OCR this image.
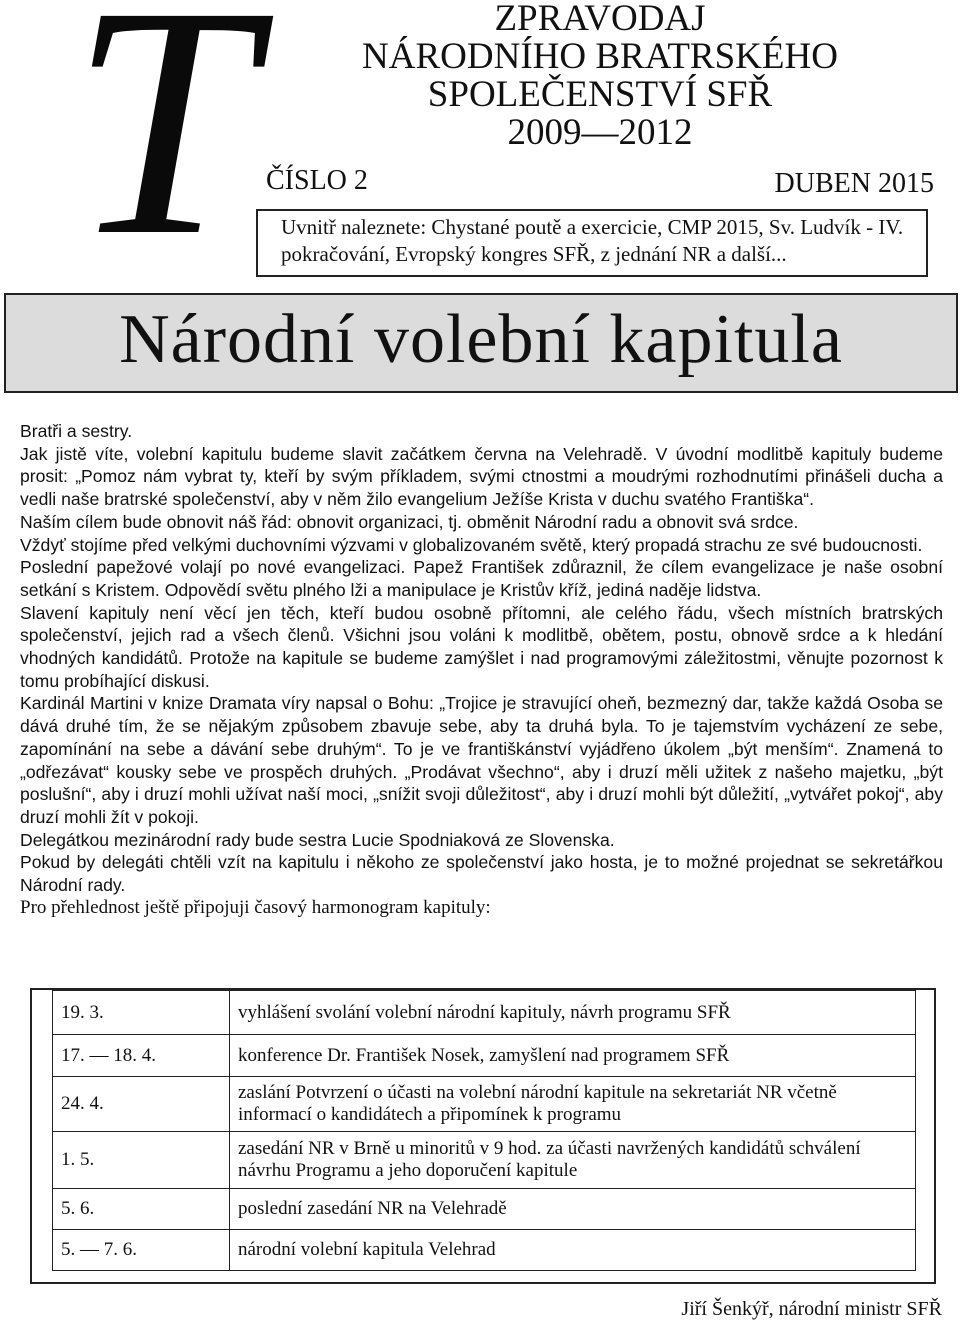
T	ZPRAVODAJ
NÁRODNÍHO BRATRSKÉHO
SPOLEČENSTVÍ SFŘ
2009—2012
ČÍSLO 2	DUBEN 2015
Uvnitř naleznete: Chystané poutě a exercicie, CMP 2015, Sv. Ludvík - IV. pokračování, Evropský kongres SFŘ, z jednání NR a další...
Národní volební kapitula

Bratři a sestry.

Jak jistě víte, volební kapitulu budeme slavit začátkem června na Velehradě. V úvodní modlitbě kapituly budeme prosit: „Pomoz nám vybrat ty, kteří by svým příkladem, svými ctnostmi a moudrými rozhodnutími přinášeli ducha a vedli naše bratrské společenství, aby v něm žilo evangelium Ježíše Krista v duchu svatého Františka“.

Naším cílem bude obnovit náš řád: obnovit organizaci, tj. obměnit Národní radu a obnovit svá srdce.

Vždyť stojíme před velkými duchovními výzvami v globalizovaném světě, který propadá strachu ze své budoucnosti.

Poslední papežové volají po nové evangelizaci. Papež František zdůraznil, že cílem evangelizace je naše osobní setkání s Kristem. Odpovědí světu plného lži a manipulace je Kristův kříž, jediná naděje lidstva.

Slavení kapituly není věcí jen těch, kteří budou osobně přítomni, ale celého řádu, všech místních bratrských společenství, jejich rad a všech členů. Všichni jsou voláni k modlitbě, obětem, postu, obnově srdce a k hledání vhodných kandidátů. Protože na kapitule se budeme zamýšlet i nad programovými záležitostmi, věnujte pozornost k tomu probíhající diskusi.

Kardinál Martini v knize Dramata víry napsal o Bohu: „Trojice je stravující oheň, bezmezný dar, takže každá Osoba se dává druhé tím, že se nějakým způsobem zbavuje sebe, aby ta druhá byla. To je tajemstvím vycházení ze sebe, zapomínání na sebe a dávání sebe druhým“. To je ve františkánství vyjádřeno úkolem „být menším“. Znamená to „odřezávat“ kousky sebe ve prospěch druhých. „Prodávat všechno“, aby i druzí měli užitek z našeho majetku, „být poslušní“, aby i druzí mohli užívat naší moci, „snížit svoji důležitost“, aby i druzí mohli být důležití, „vytvářet pokoj“, aby druzí mohli žít v pokoji.

Delegátkou mezinárodní rady bude sestra Lucie Spodniaková ze Slovenska.

Pokud by delegáti chtěli vzít na kapitulu i někoho ze společenství jako hosta, je to možné projednat se sekretářkou Národní rady.

Pro přehlednost ještě připojuji časový harmonogram kapituly:

19. 3.	vyhlášení svolání volební národní kapituly, návrh programu SFŘ
17. — 18. 4.	konference Dr. František Nosek, zamyšlení nad programem SFŘ
24. 4.	zaslání Potvrzení o účasti na volební národní kapitule na sekretariát NR včetně informací o kandidátech a připomínek k programu
1. 5.	zasedání NR v Brně u minoritů v 9 hod. za účasti navržených kandidátů schválení návrhu Programu a jeho doporučení kapitule
5. 6.	poslední zasedání NR na Velehradě
5. — 7. 6.	národní volební kapitula Velehrad
Jiří Šenkýř, národní ministr SFŘ
